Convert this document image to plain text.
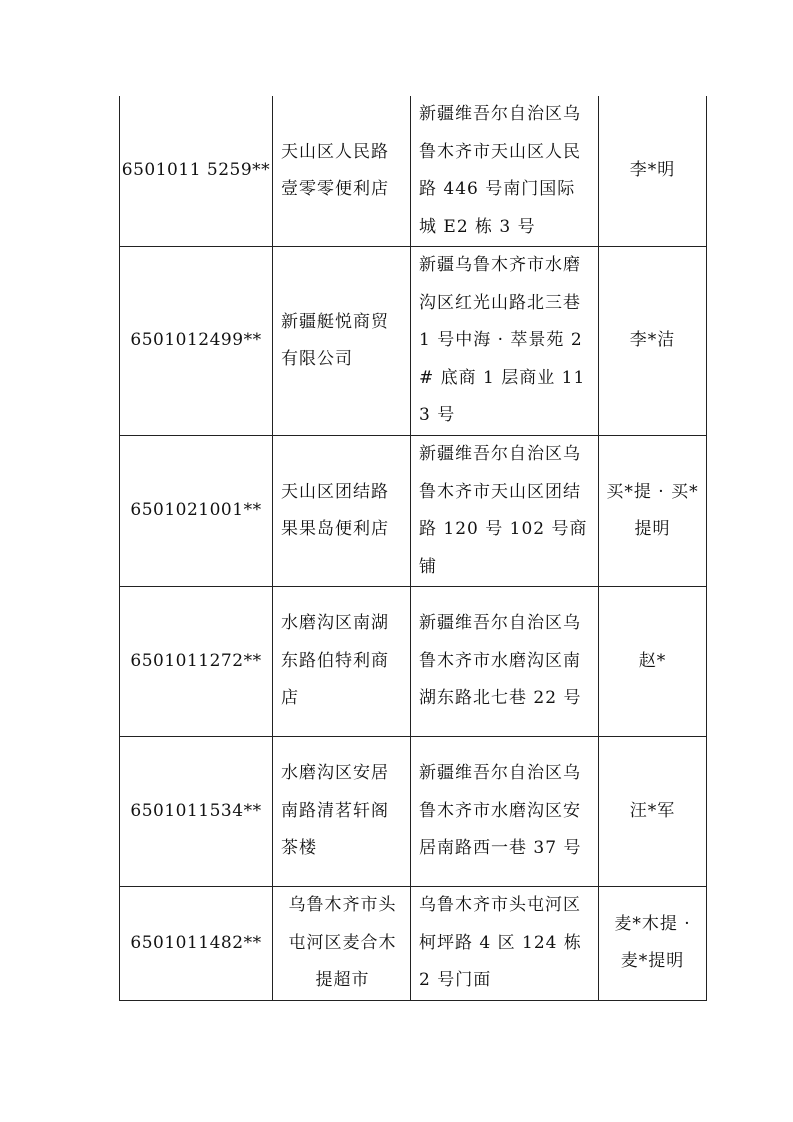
6501011 5259**	天山区人民路壹零零便利店	新疆维吾尔自治区乌鲁木齐市天山区人民路 446 号南门国际城 E2 栋 3 号	李*明
6501012499**	新疆艇悦商贸有限公司	新疆乌鲁木齐市水磨沟区红光山路北三巷 1 号中海 · 萃景苑 2 # 底商 1 层商业 113 号	李*洁
6501021001**	天山区团结路果果岛便利店	新疆维吾尔自治区乌鲁木齐市天山区团结路 120 号 102 号商铺	买*提 · 买*提明
6501011272**	水磨沟区南湖东路伯特利商店	新疆维吾尔自治区乌鲁木齐市水磨沟区南湖东路北七巷 22 号	赵*
6501011534**	水磨沟区安居南路清茗轩阁茶楼	新疆维吾尔自治区乌鲁木齐市水磨沟区安居南路西一巷 37 号	汪*军
6501011482**	乌鲁木齐市头屯河区麦合木提超市	乌鲁木齐市头屯河区柯坪路 4 区 124 栋 2 号门面	麦*木提 · 麦*提明
